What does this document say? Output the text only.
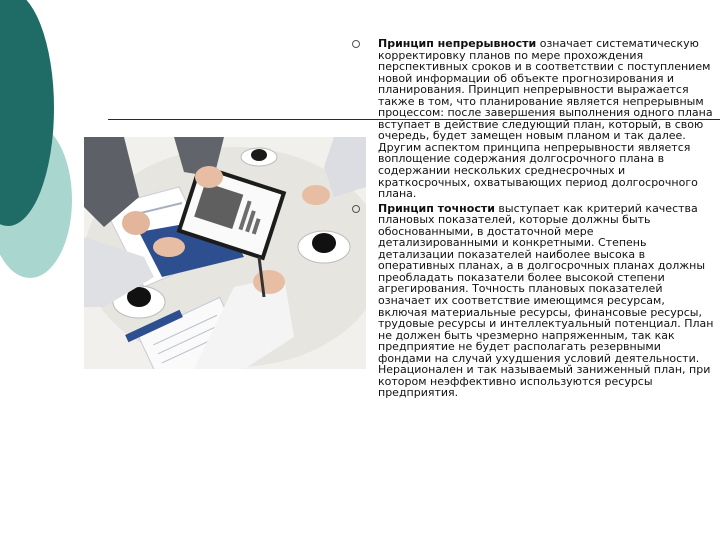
Принцип непрерывности означает систематическую корректировку планов по мере прохождения перспективных сроков и в соответствии с поступлением новой информации об объекте прогнозирования и планирования. Принцип непрерывности выражается также в том, что планирование является непрерывным процессом: после завершения выполнения одного плана вступает в действие следующий план, который, в свою очередь, будет замещен новым планом и так далее. Другим аспектом принципа непрерывности является воплощение содержания долгосрочного плана в содержании нескольких среднесрочных и краткосрочных, охватывающих период долгосрочного плана.
Принцип точности выступает как критерий качества плановых показателей, которые должны быть обоснованными, в достаточной мере детализированными и конкретными. Степень детализации показателей наиболее высока в оперативных планах, а в долгосрочных планах должны преобладать показатели более высокой степени агрегирования. Точность плановых показателей означает их соответствие имеющимся ресурсам, включая материальные ресурсы, финансовые ресурсы, трудовые ресурсы и интеллектуальный потенциал. План не должен быть чрезмерно напряженным, так как предприятие не будет располагать резервными фондами на случай ухудшения условий деятельности. Нерационален и так называемый заниженный план, при котором неэффективно используются ресурсы предприятия.
